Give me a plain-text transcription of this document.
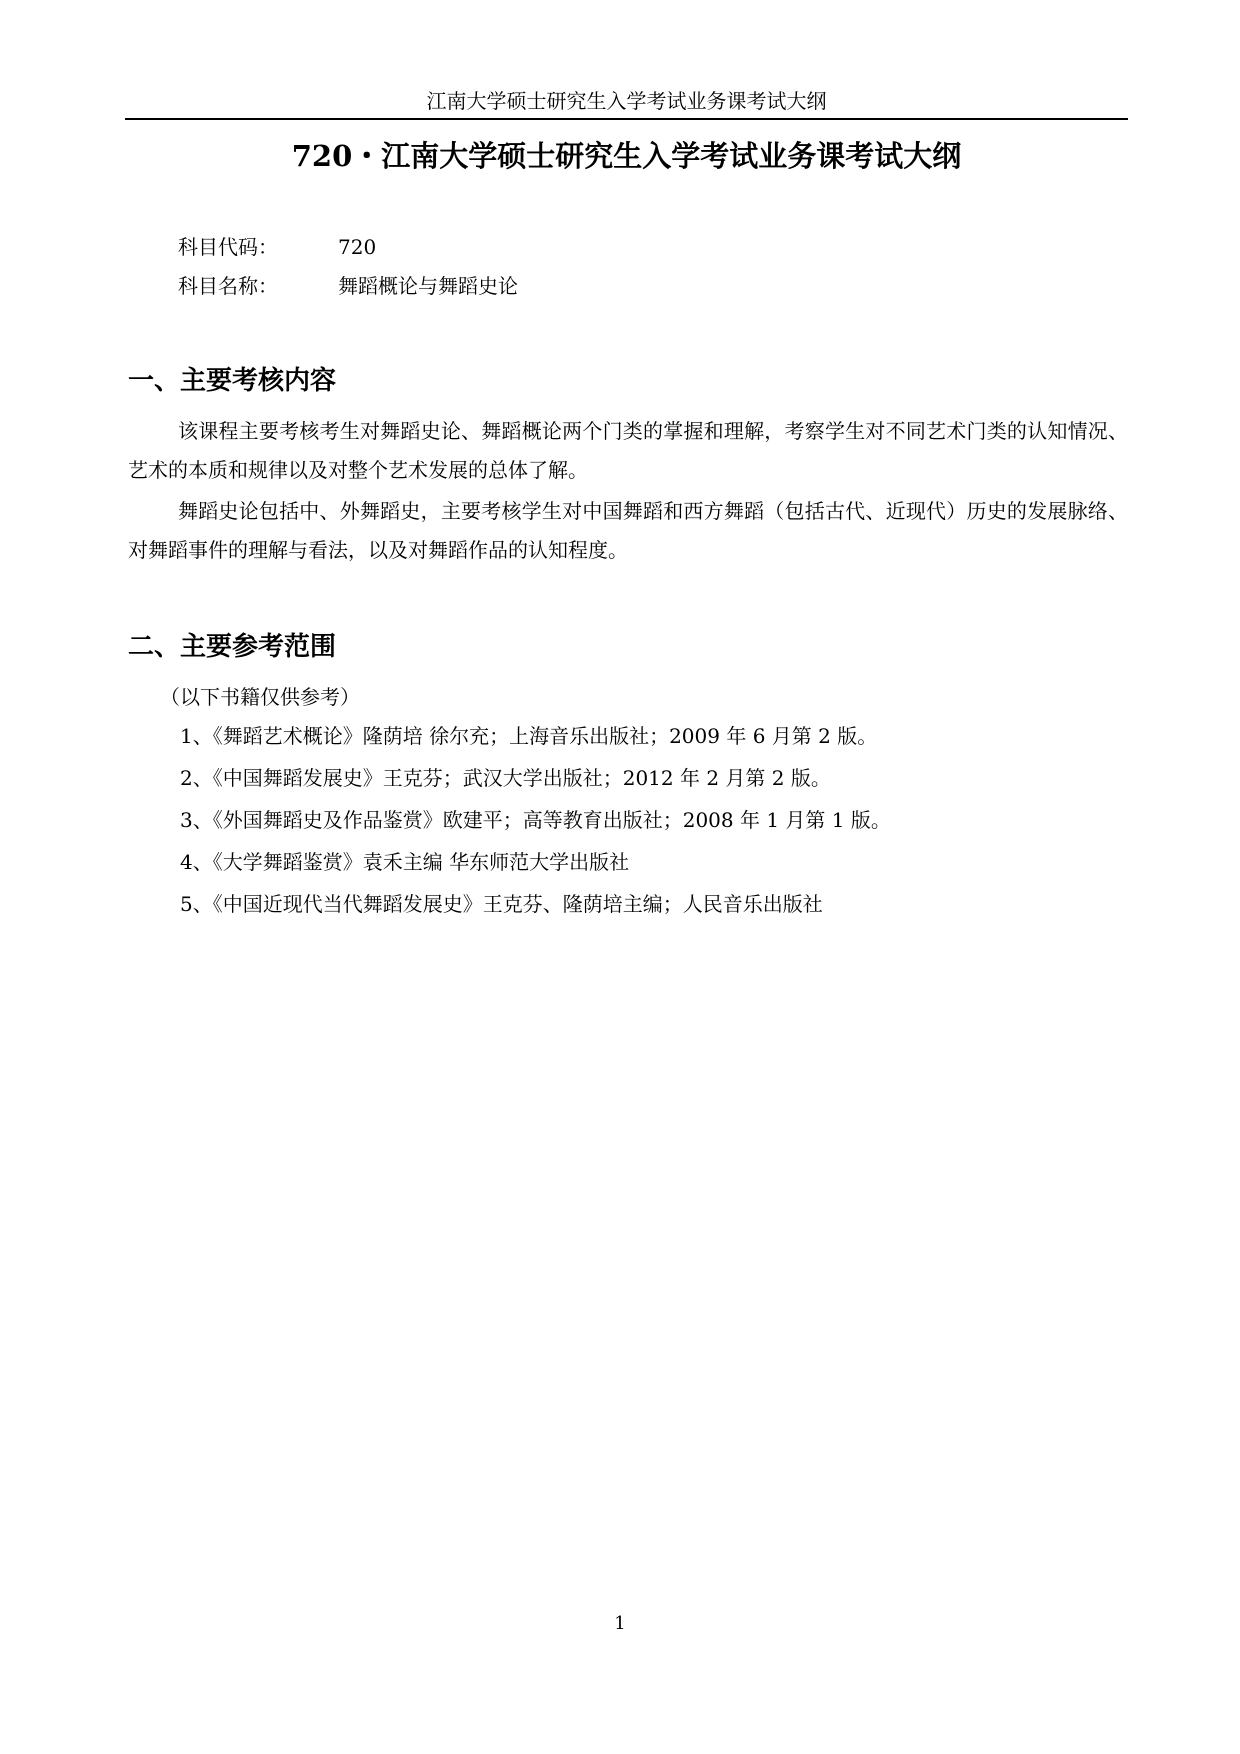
江南大学硕士研究生入学考试业务课考试大纲
720・江南大学硕士研究生入学考试业务课考试大纲
科目代码：	720
科目名称：	舞蹈概论与舞蹈史论
一、主要考核内容

该课程主要考核考生对舞蹈史论、舞蹈概论两个门类的掌握和理解，考察学生对不同艺术门类的认知情况、艺术的本质和规律以及对整个艺术发展的总体了解。

舞蹈史论包括中、外舞蹈史，主要考核学生对中国舞蹈和西方舞蹈（包括古代、近现代）历史的发展脉络、对舞蹈事件的理解与看法，以及对舞蹈作品的认知程度。

二、主要参考范围
（以下书籍仅供参考）
1、《舞蹈艺术概论》隆荫培 徐尔充；上海音乐出版社；2009 年 6 月第 2 版。
2、《中国舞蹈发展史》王克芬；武汉大学出版社；2012 年 2 月第 2 版。
3、《外国舞蹈史及作品鉴赏》欧建平；高等教育出版社；2008 年 1 月第 1 版。
4、《大学舞蹈鉴赏》袁禾主编 华东师范大学出版社
5、《中国近现代当代舞蹈发展史》王克芬、隆荫培主编；人民音乐出版社
1
